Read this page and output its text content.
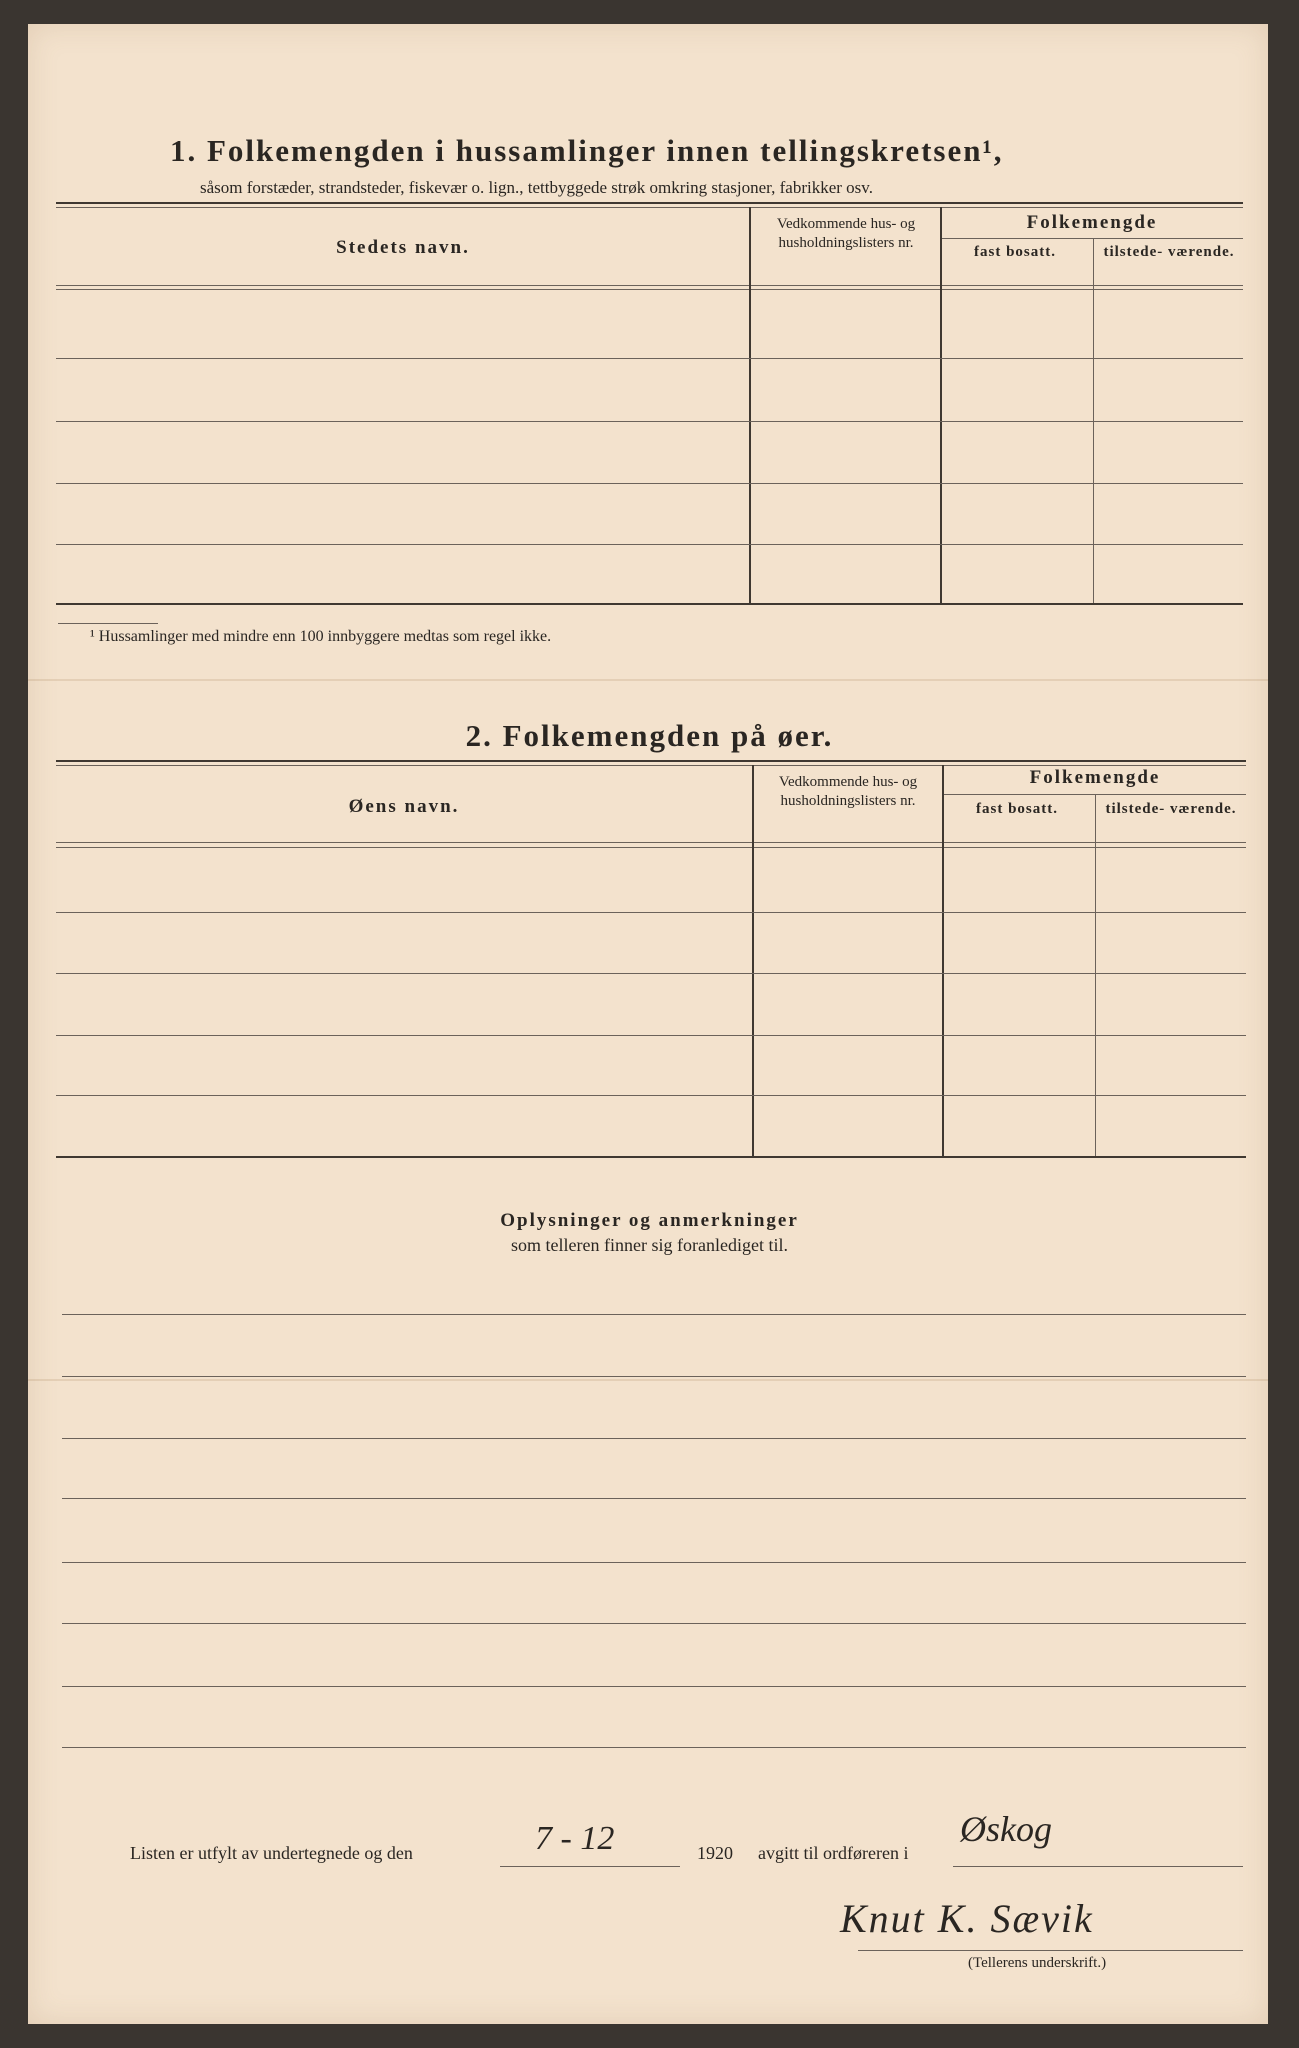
1. Folkemengden i hussamlinger innen tellingskretsen¹,
såsom forstæder, strandsteder, fiskevær o. lign., tettbyggede strøk omkring stasjoner, fabrikker osv.
Stedets navn.
Vedkommende hus- og husholdningslisters nr.
Folkemengde
fast bosatt.	tilstede- værende.
¹ Hussamlinger med mindre enn 100 innbyggere medtas som regel ikke.
2. Folkemengden på øer.
Øens navn.
Vedkommende hus- og husholdningslisters nr.
Folkemengde
fast bosatt.	tilstede- værende.
Oplysninger og anmerkninger
som telleren finner sig foranlediget til.
Listen er utfylt av undertegnede og den	7 - 12	1920 avgitt til ordføreren i
Øskog
Knut K. Sævik
(Tellerens underskrift.)
